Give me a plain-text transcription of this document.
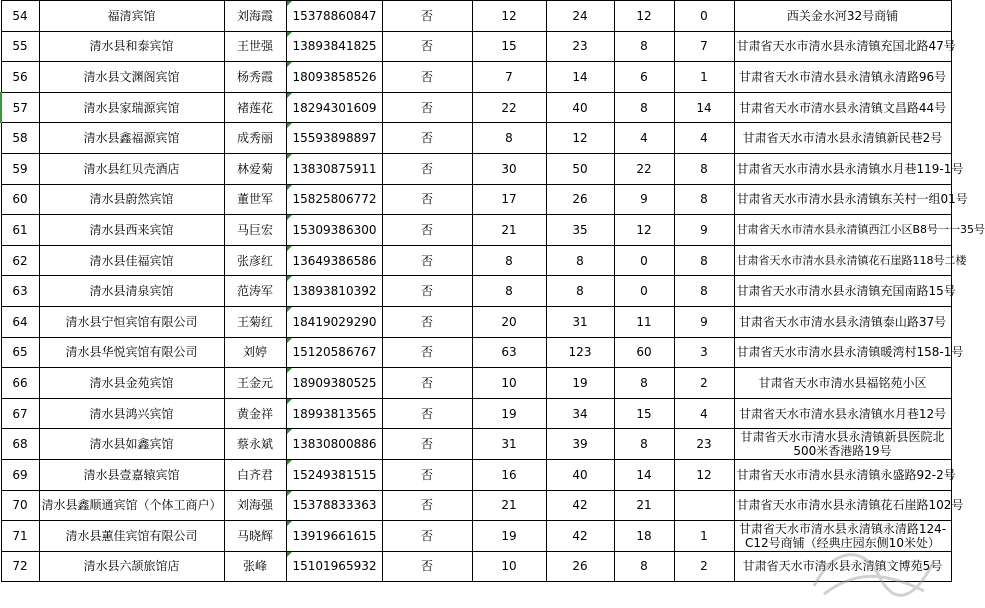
54	福清宾馆	刘海霞	15378860847	否	12	24	12	0	西关金水河32号商铺
55	清水县和泰宾馆	王世强	13893841825	否	15	23	8	7	甘肃省天水市清水县永清镇充国北路47号
56	清水县文渊阁宾馆	杨秀霞	18093858526	否	7	14	6	1	甘肃省天水市清水县永清镇永清路96号
57	清水县家瑞源宾馆	褚莲花	18294301609	否	22	40	8	14	甘肃省天水市清水县永清镇文昌路44号
58	清水县鑫福源宾馆	成秀丽	15593898897	否	8	12	4	4	甘肃省天水市清水县永清镇新民巷2号
59	清水县红贝壳酒店	林爱菊	13830875911	否	30	50	22	8	甘肃省天水市清水县永清镇水月巷119-1号
60	清水县蔚然宾馆	董世军	15825806772	否	17	26	9	8	甘肃省天水市清水县永清镇东关村一组01号
61	清水县西来宾馆	马巨宏	15309386300	否	21	35	12	9	甘肃省天水市清水县永清镇西江小区B8号一一35号
62	清水县佳福宾馆	张彦红	13649386586	否	8	8	0	8	甘肃省天水市清水县永清镇花石崖路118号二楼
63	清水县清泉宾馆	范涛军	13893810392	否	8	8	0	8	甘肃省天水市清水县永清镇充国南路15号
64	清水县宁恒宾馆有限公司	王菊红	18419029290	否	20	31	11	9	甘肃省天水市清水县永清镇泰山路37号
65	清水县华悦宾馆有限公司	刘婷	15120586767	否	63	123	60	3	甘肃省天水市清水县永清镇暖湾村158-1号
66	清水县金苑宾馆	王金元	18909380525	否	10	19	8	2	甘肃省天水市清水县福铭苑小区
67	清水县鸿兴宾馆	黄金祥	18993813565	否	19	34	15	4	甘肃省天水市清水县永清镇水月巷12号
68	清水县如鑫宾馆	蔡永斌	13830800886	否	31	39	8	23	甘肃省天水市清水县永清镇新县医院北500米香港路19号
69	清水县壹嘉辕宾馆	白齐君	15249381515	否	16	40	14	12	甘肃省天水市清水县永清镇永盛路92-2号
70	清水县鑫顺通宾馆（个体工商户）	刘海强	15378833363	否	21	42	21		甘肃省天水市清水县永清镇花石崖路102号
71	清水县蕙佳宾馆有限公司	马晓辉	13919661615	否	19	42	18	1	甘肃省天水市清水县永清镇永清路124-C12号商铺（经典庄园东侧10米处）
72	清水县六颉旅馆店	张峰	15101965932	否	10	26	8	2	甘肃省天水市清水县永清镇文博苑5号
